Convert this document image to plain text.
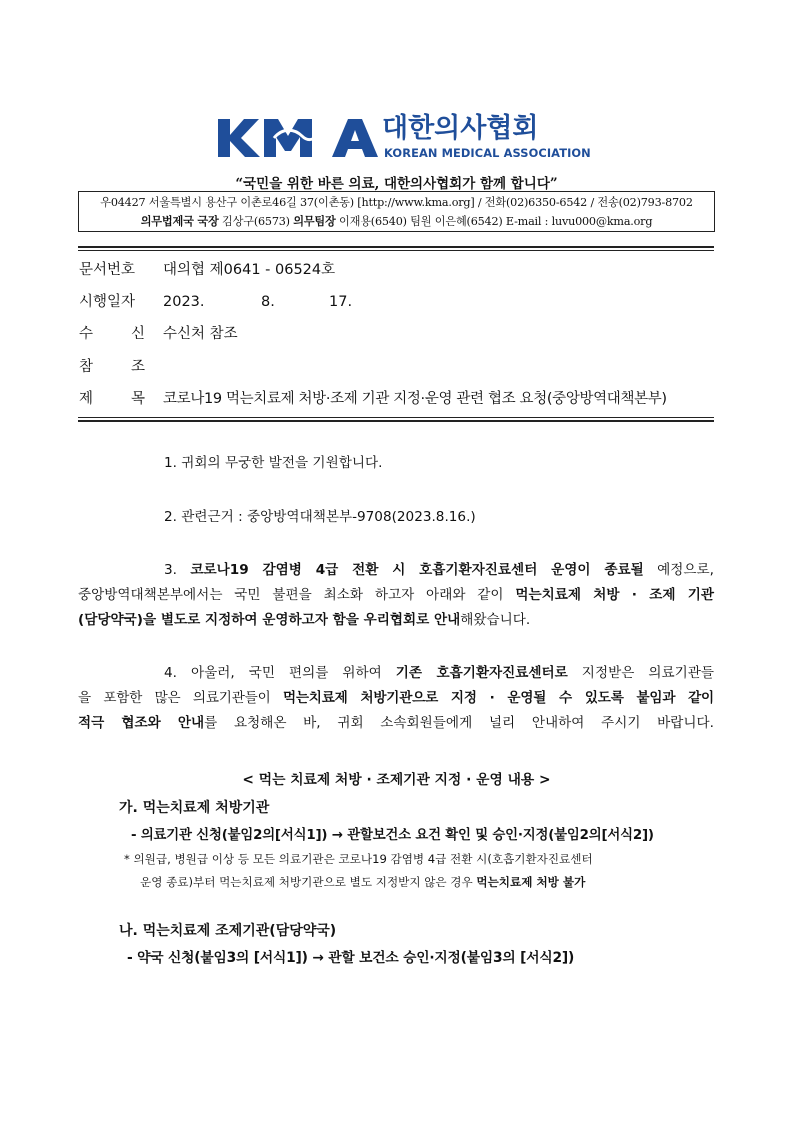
대한의사협회
KOREAN MEDICAL ASSOCIATION
“국민을 위한 바른 의료, 대한의사협회가 함께 합니다”
우04427 서울특별시 용산구 이촌로46길 37(이촌동) [http://www.kma.org] / 전화(02)6350-6542 / 전송(02)793-8702
의무법제국 국장 김상구(6573) 의무팀장 이재용(6540) 팀원 이은혜(6542) E-mail : luvu000@kma.org
문서번호	대의협 제0641 - 06524호
시행일자	2023.	8.	17.
수	신 수신처 참조
참	조
제	목 코로나19 먹는치료제 처방·조제 기관 지정·운영 관련 협조 요청(중앙방역대책본부)
1. 귀회의 무궁한 발전을 기원합니다.
2. 관련근거 : 중앙방역대책본부-9708(2023.8.16.)
3. 코로나19 감염병 4급 전환 시 호흡기환자진료센터 운영이 종료될 예정으로,
중앙방역대책본부에서는 국민 불편을 최소화 하고자 아래와 같이 먹는치료제 처방 · 조제 기관
(담당약국)을 별도로 지정하여 운영하고자 함을 우리협회로 안내해왔습니다.
4. 아울러, 국민 편의를 위하여 기존 호흡기환자진료센터로 지정받은 의료기관들
을 포함한 많은 의료기관들이 먹는치료제 처방기관으로 지정 · 운영될 수 있도록 붙임과 같이
적극 협조와 안내를 요청해온 바, 귀회 소속회원들에게 널리 안내하여 주시기 바랍니다.
< 먹는 치료제 처방 · 조제기관 지정 · 운영 내용 >
가. 먹는치료제 처방기관
- 의료기관 신청(붙임2의[서식1]) → 관할보건소 요건 확인 및 승인·지정(붙임2의[서식2])
* 의원급, 병원급 이상 등 모든 의료기관은 코로나19 감염병 4급 전환 시(호흡기환자진료센터
운영 종료)부터 먹는치료제 처방기관으로 별도 지정받지 않은 경우 먹는치료제 처방 불가
나. 먹는치료제 조제기관(담당약국)
- 약국 신청(붙임3의 [서식1]) → 관할 보건소 승인·지정(붙임3의 [서식2])
